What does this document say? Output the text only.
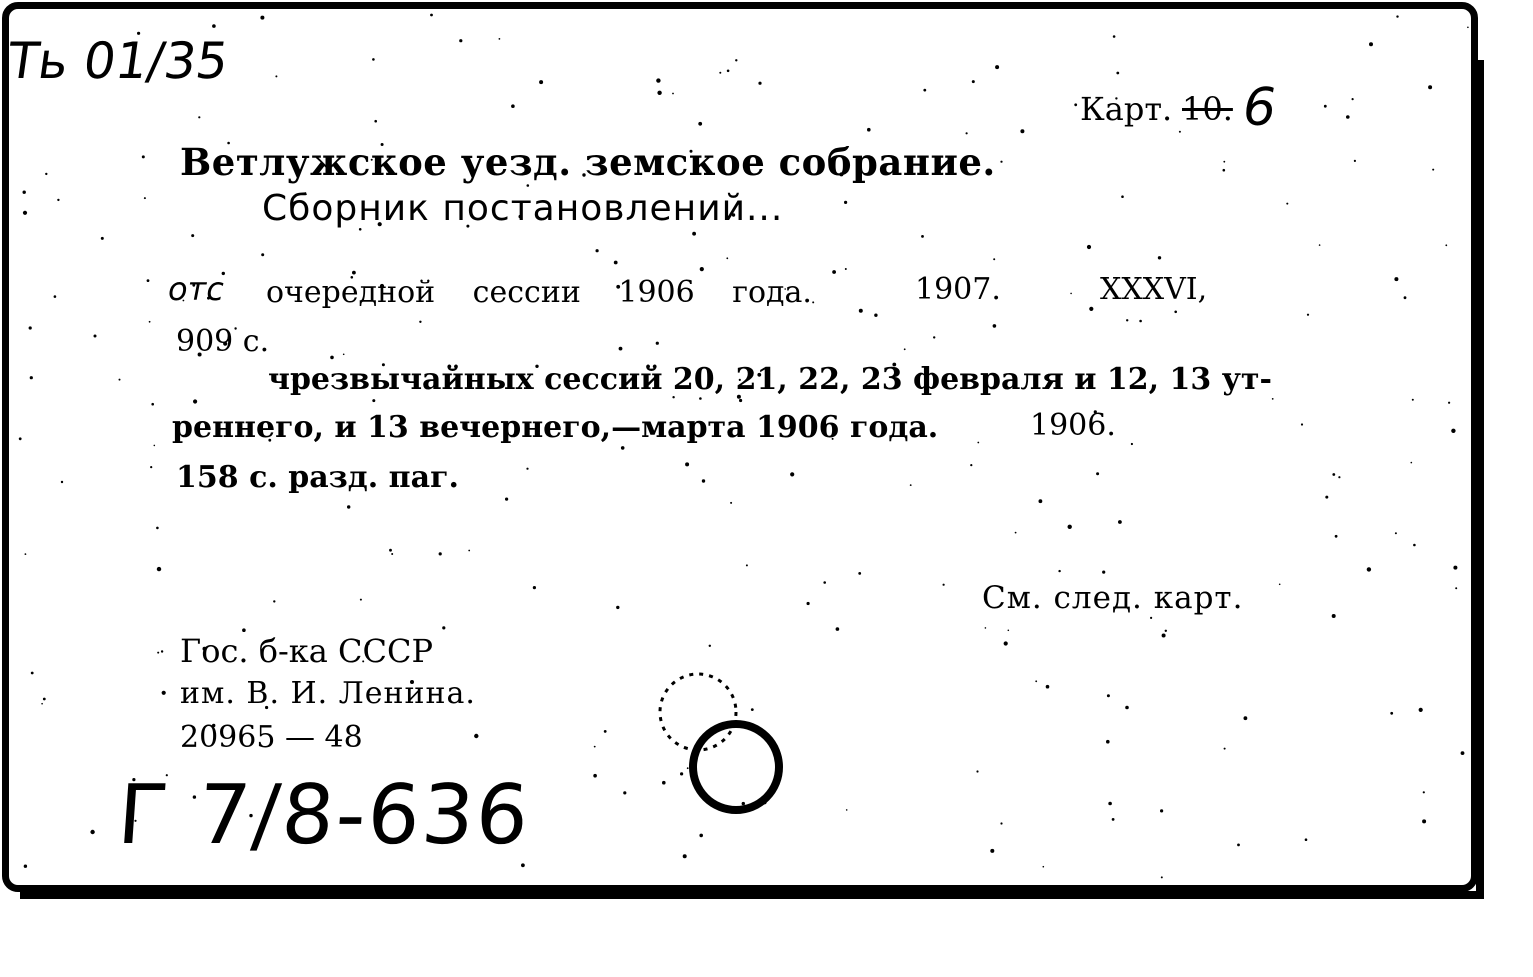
Ть 01/35
Карт. 10. 6
Ветлужское уезд. земское собрание.
Сборник постановлений...
отс очередной сессии 1906 года.	1907.	XXXVI,
909 с.
чрезвычайных сессий 20, 21, 22, 23 февраля и 12, 13 ут-
реннего, и 13 вечернего,—марта 1906 года.	1906.
158 с. разд. паг.
См. след. карт.
Гос. б-ка СССР
им. В. И. Ленина.
20965 — 48
Г 7/8-636
